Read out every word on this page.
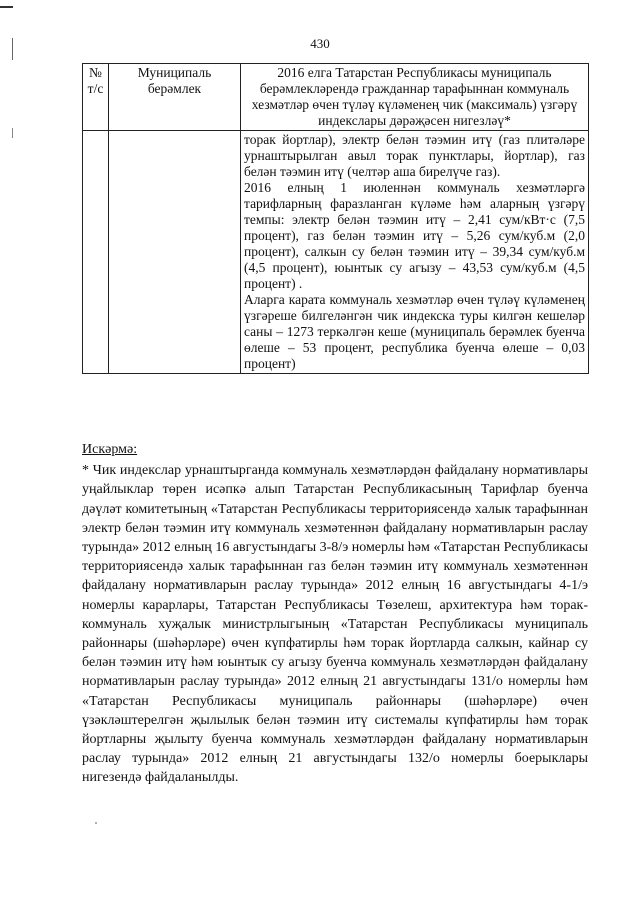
430
№ т/с	Муниципаль берәмлек	2016 елга Татарстан Республикасы муниципаль берәмлекләрендә гражданнар тарафыннан коммуналь хезмәтләр өчен түләү күләменең чик (максималь) үзгәрү индекслары дәрәҗәсен нигезләү*

		торак йортлар), электр белән тәэмин итү (газ плитәләре урнаштырылган авыл торак пунктлары, йортлар), газ белән тәэмин итү (челтәр аша бирелүче газ).

2016 елның 1 июленнән коммуналь хезмәтләргә тарифларның фаразланган күләме һәм аларның үзгәрү темпы: электр белән тәэмин итү – 2,41 сум/кВт·с (7,5 процент), газ белән тәэмин итү – 5,26 сум/куб.м (2,0 процент), салкын су белән тәэмин итү – 39,34 сум/куб.м (4,5 процент), юынтык су агызу – 43,53 сум/куб.м (4,5 процент) .

Аларга карата коммуналь хезмәтләр өчен түләү күләменең үзгәреше билгеләнгән чик индекска туры килгән кешеләр саны – 1273 теркәлгән кеше (муниципаль берәмлек буенча өлеше – 53 процент, республика буенча өлеше – 0,03 процент)

Искәрмә:

* Чик индекслар урнаштырганда коммуналь хезмәтләрдән файдалану нормативлары уңайлыклар төрен исәпкә алып Татарстан Республикасының Тарифлар буенча дәүләт комитетының «Татарстан Республикасы территориясендә халык тарафыннан электр белән тәэмин итү коммуналь хезмәтеннән файдалану нормативларын раслау турында» 2012 елның 16 августындагы 3-8/э номерлы һәм «Татарстан Республикасы территориясендә халык тарафыннан газ белән тәэмин итү коммуналь хезмәтеннән файдалану нормативларын раслау турында» 2012 елның 16 августындагы 4-1/э номерлы карарлары, Татарстан Республикасы Төзелеш, архитектура һәм торак-коммуналь хуҗалык министрлыгының «Татарстан Республикасы муниципаль районнары (шәһәрләре) өчен күпфатирлы һәм торак йортларда салкын, кайнар су белән тәэмин итү һәм юынтык су агызу буенча коммуналь хезмәтләрдән файдалану нормативларын раслау турында» 2012 елның 21 августындагы 131/о номерлы һәм «Татарстан Республикасы муниципаль районнары (шәһәрләре) өчен үзәкләштерелгән җылылык белән тәэмин итү системалы күпфатирлы һәм торак йортларны җылыту буенча коммуналь хезмәтләрдән файдалану нормативларын раслау турында» 2012 елның 21 августындагы 132/о номерлы боерыклары нигезендә файдаланылды.
